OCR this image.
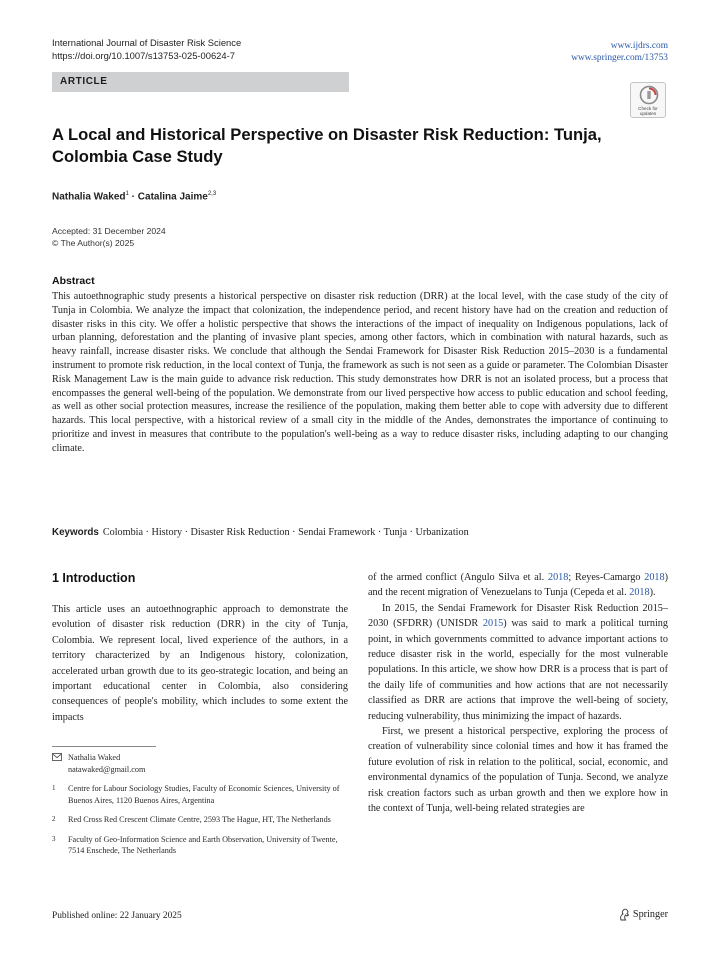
International Journal of Disaster Risk Science
https://doi.org/10.1007/s13753-025-00624-7
www.ijdrs.com
www.springer.com/13753
ARTICLE
Check for
updates
A Local and Historical Perspective on Disaster Risk Reduction: Tunja, Colombia Case Study
Nathalia Waked$^1$ · Catalina Jaime$^{2,3}$
Accepted: 31 December 2024
© The Author(s) 2025
Abstract
This autoethnographic study presents a historical perspective on disaster risk reduction (DRR) at the local level, with the case study of the city of Tunja in Colombia. We analyze the impact that colonization, the independence period, and recent history have had on the creation and reduction of disaster risks in this city. We offer a holistic perspective that shows the interactions of the impact of inequality on Indigenous populations, lack of urban planning, deforestation and the planting of invasive plant species, among other factors, which in combination with natural hazards, such as heavy rainfall, increase disaster risks. We conclude that although the Sendai Framework for Disaster Risk Reduction 2015–2030 is a fundamental instrument to promote risk reduction, in the local context of Tunja, the framework as such is not seen as a guide or parameter. The Colombian Disaster Risk Management Law is the main guide to advance risk reduction. This study demonstrates how DRR is not an isolated process, but a process that encompasses the general well-being of the population. We demonstrate from our lived perspective how access to public education and school feeding, as well as other social protection measures, increase the resilience of the population, making them better able to cope with adversity due to different hazards. This local perspective, with a historical review of a small city in the middle of the Andes, demonstrates the importance of continuing to prioritize and invest in measures that contribute to the population's well-being as a way to reduce disaster risks, including adapting to our changing climate.
Keywords Colombia · History · Disaster Risk Reduction · Sendai Framework · Tunja · Urbanization
1 Introduction

This article uses an autoethnographic approach to demonstrate the evolution of disaster risk reduction (DRR) in the city of Tunja, Colombia. We represent local, lived experience of the authors, in a territory characterized by an Indigenous history, colonization, accelerated urban growth due to its geo-strategic location, and being an important educational center in Colombia, also considering consequences of people's mobility, which includes to some extent the impacts

of the armed conflict (Angulo Silva et al. 2018; Reyes-Camargo 2018) and the recent migration of Venezuelans to Tunja (Cepeda et al. 2018).

In 2015, the Sendai Framework for Disaster Risk Reduction 2015–2030 (SFDRR) (UNISDR 2015) was said to mark a political turning point, in which governments committed to advance important actions to reduce disaster risk in the world, especially for the most vulnerable populations. In this article, we show how DRR is a process that is part of the daily life of communities and how actions that are not necessarily classified as DRR are actions that improve the well-being of society, reducing vulnerability, thus minimizing the impact of hazards.

First, we present a historical perspective, exploring the process of creation of vulnerability since colonial times and how it has framed the future evolution of risk in relation to the political, social, economic, and environmental dynamics of the population of Tunja. Second, we analyze risk creation factors such as urban growth and then we explore how in the context of Tunja, well-being related strategies are

Nathalia Waked
natawaked@gmail.com
1	Centre for Labour Sociology Studies, Faculty of Economic Sciences, University of Buenos Aires, 1120 Buenos Aires, Argentina
2	Red Cross Red Crescent Climate Centre, 2593 The Hague, HT, The Netherlands
3	Faculty of Geo-Information Science and Earth Observation, University of Twente, 7514 Enschede, The Netherlands
Published online: 22 January 2025	Springer
